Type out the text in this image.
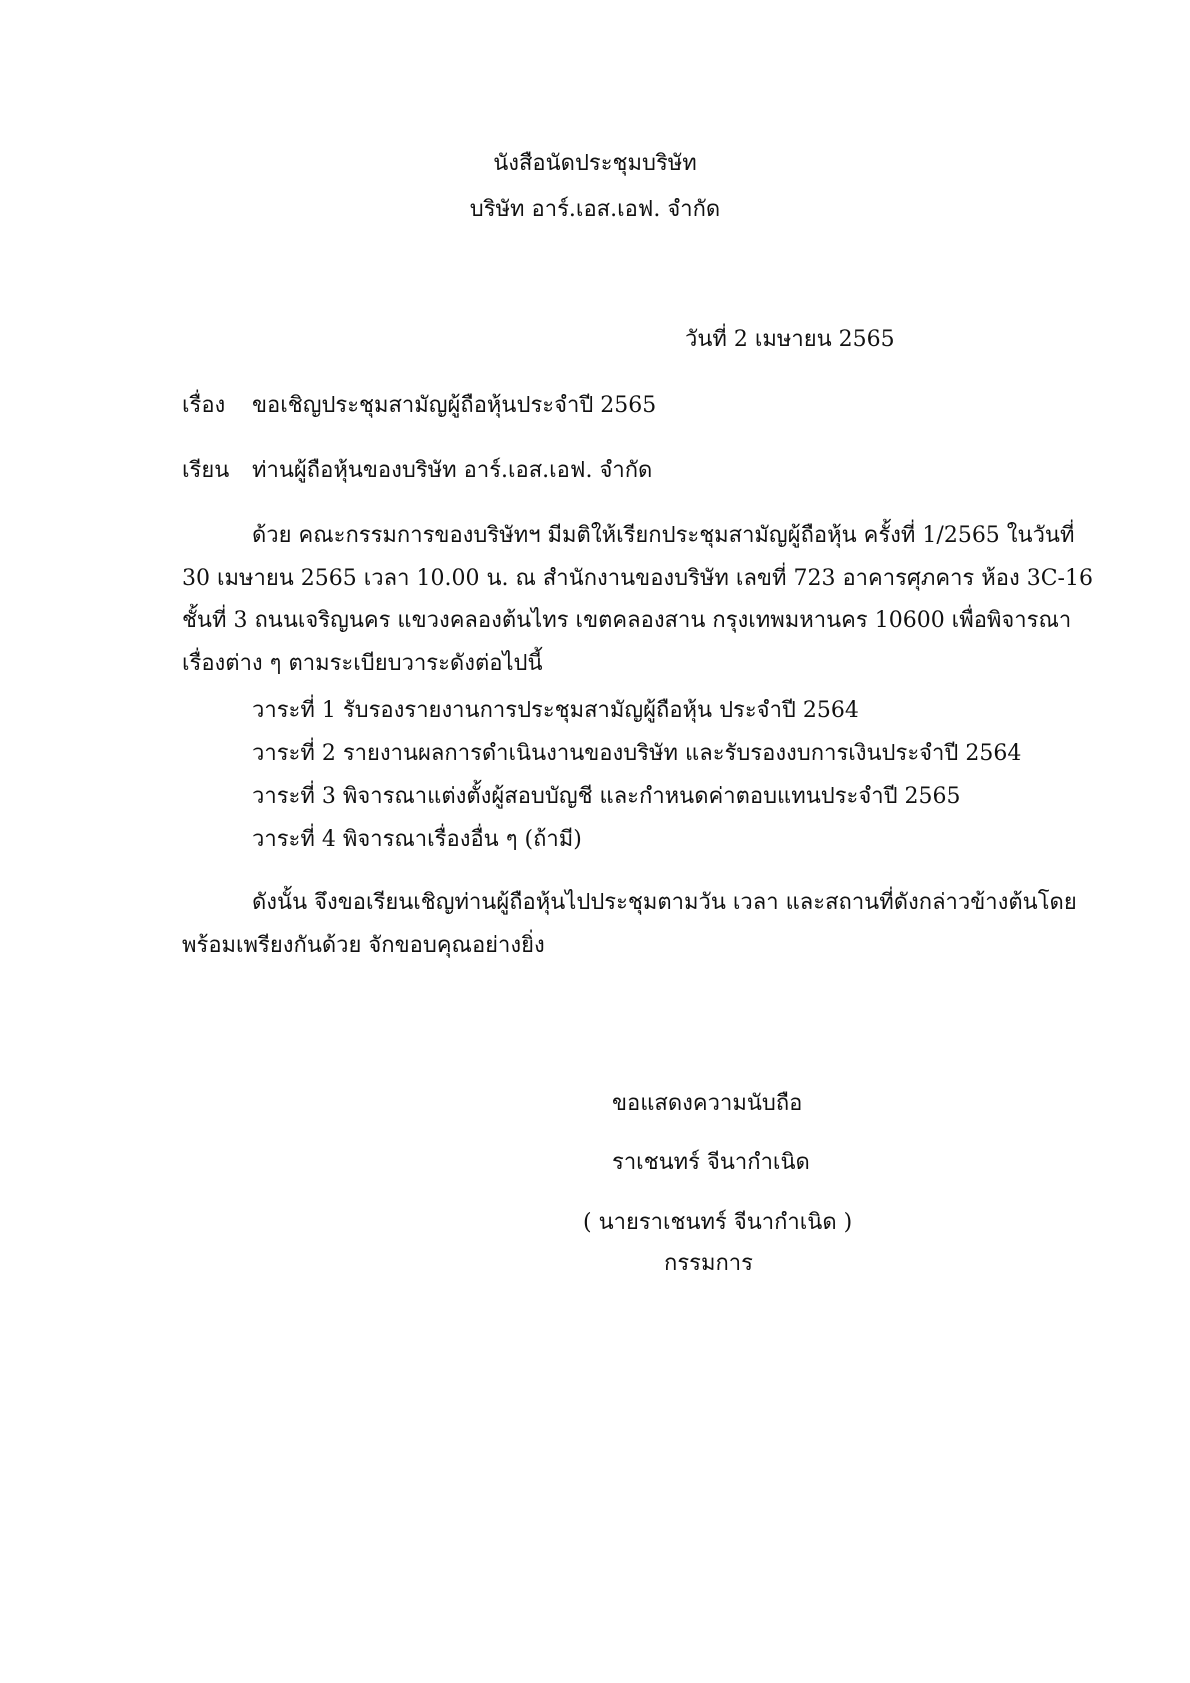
นังสือนัดประชุมบริษัท
บริษัท อาร์.เอส.เอฟ. จำกัด
วันที่ 2 เมษายน 2565
เรื่อง ขอเชิญประชุมสามัญผู้ถือหุ้นประจำปี 2565
เรียน ท่านผู้ถือหุ้นของบริษัท อาร์.เอส.เอฟ. จำกัด
ด้วย คณะกรรมการของบริษัทฯ มีมติให้เรียกประชุมสามัญผู้ถือหุ้น ครั้งที่ 1/2565 ในวันที่
30 เมษายน 2565 เวลา 10.00 น. ณ สำนักงานของบริษัท เลขที่ 723 อาคารศุภคาร ห้อง 3C-16
ชั้นที่ 3 ถนนเจริญนคร แขวงคลองต้นไทร เขตคลองสาน กรุงเทพมหานคร 10600 เพื่อพิจารณา
เรื่องต่าง ๆ ตามระเบียบวาระดังต่อไปนี้
วาระที่ 1 รับรองรายงานการประชุมสามัญผู้ถือหุ้น ประจำปี 2564
วาระที่ 2 รายงานผลการดำเนินงานของบริษัท และรับรองงบการเงินประจำปี 2564
วาระที่ 3 พิจารณาแต่งตั้งผู้สอบบัญชี และกำหนดค่าตอบแทนประจำปี 2565
วาระที่ 4 พิจารณาเรื่องอื่น ๆ (ถ้ามี)
ดังนั้น จึงขอเรียนเชิญท่านผู้ถือหุ้นไปประชุมตามวัน เวลา และสถานที่ดังกล่าวข้างต้นโดย
พร้อมเพรียงกันด้วย จักขอบคุณอย่างยิ่ง
ขอแสดงความนับถือ
ราเชนทร์ จีนากำเนิด
( นายราเชนทร์ จีนากำเนิด )
กรรมการ
